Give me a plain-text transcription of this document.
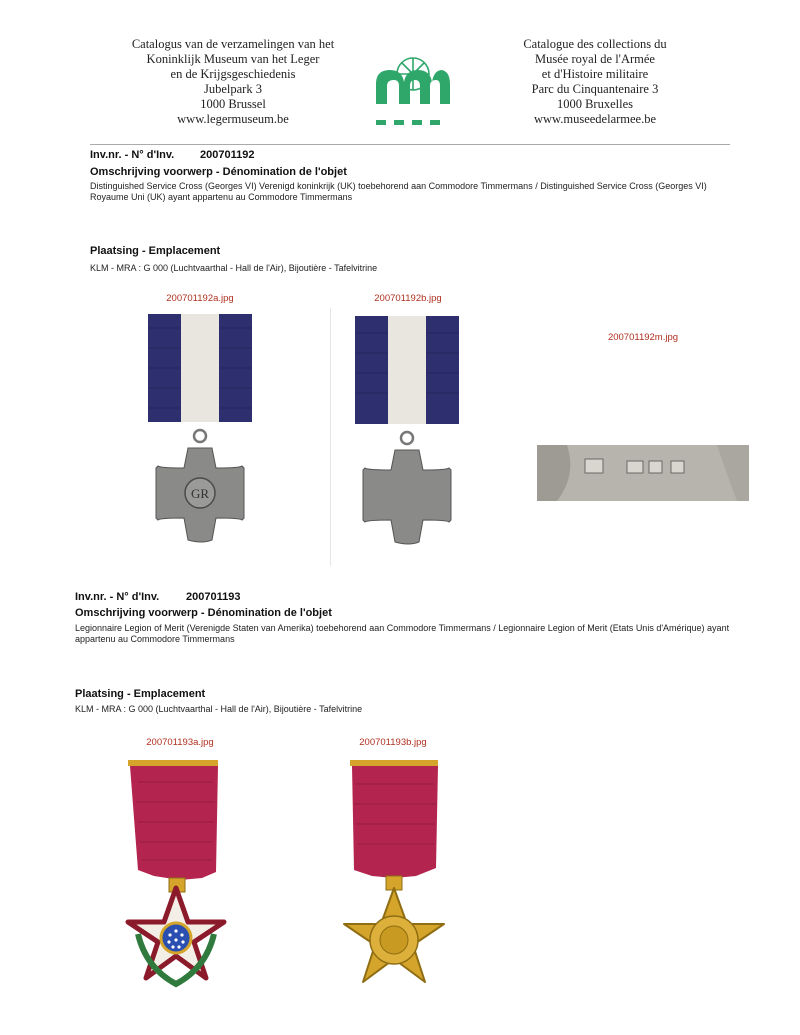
Catalogus van de verzamelingen van het
Koninklijk Museum van het Leger
en de Krijgsgeschiedenis
Jubelpark 3
1000 Brussel
www.legermuseum.be
Catalogue des collections du
Musée royal de l'Armée
et d'Histoire militaire
Parc du Cinquantenaire 3
1000 Bruxelles
www.museedelarmee.be
Inv.nr. - N° d'Inv. 200701192
Omschrijving voorwerp - Dénomination de l'objet
Distinguished Service Cross (Georges VI) Verenigd koninkrijk (UK) toebehorend aan Commodore Timmermans / Distinguished Service Cross (Georges VI) Royaume Uni (UK) ayant appartenu au Commodore Timmermans
Plaatsing - Emplacement
KLM - MRA : G 000 (Luchtvaarthal - Hall de l'Air), Bijoutière - Tafelvitrine
200701192a.jpg	200701192b.jpg
200701192m.jpg
GR
Inv.nr. - N° d'Inv. 200701193
Omschrijving voorwerp - Dénomination de l'objet
Legionnaire Legion of Merit (Verenigde Staten van Amerika) toebehorend aan Commodore Timmermans / Legionnaire Legion of Merit (Etats Unis d'Amérique) ayant appartenu au Commodore Timmermans
Plaatsing - Emplacement
KLM - MRA : G 000 (Luchtvaarthal - Hall de l'Air), Bijoutière - Tafelvitrine
200701193a.jpg	200701193b.jpg
